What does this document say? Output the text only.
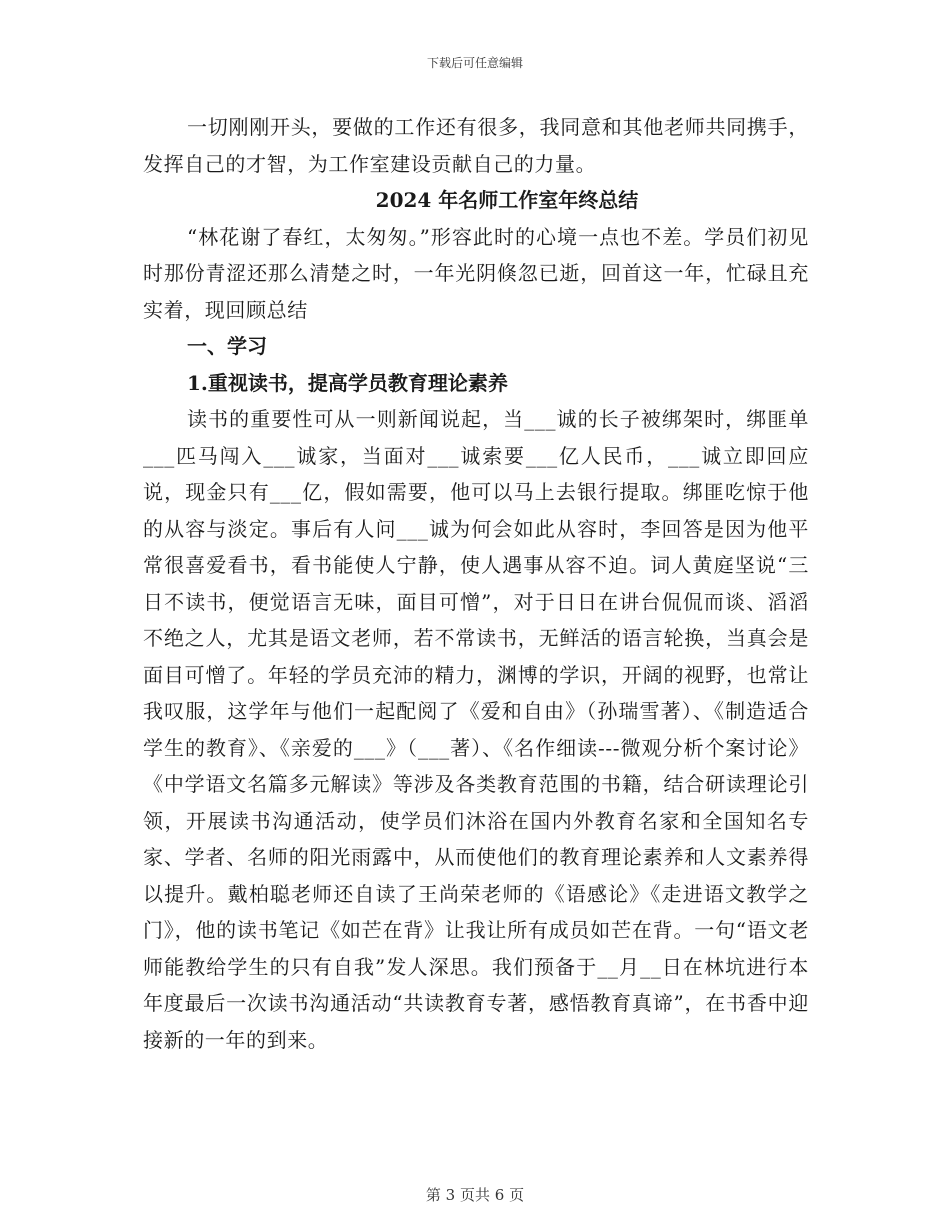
下载后可任意编辑

一切刚刚开头，要做的工作还有很多，我同意和其他老师共同携手，发挥自己的才智，为工作室建设贡献自己的力量。

2024 年名师工作室年终总结

“林花谢了春红，太匆匆。”形容此时的心境一点也不差。学员们初见时那份青涩还那么清楚之时，一年光阴倏忽已逝，回首这一年，忙碌且充实着，现回顾总结

一、学习

1.重视读书，提高学员教育理论素养

读书的重要性可从一则新闻说起，当___诚的长子被绑架时，绑匪单___匹马闯入___诚家，当面对___诚索要___亿人民币，___诚立即回应说，现金只有___亿，假如需要，他可以马上去银行提取。绑匪吃惊于他的从容与淡定。事后有人问___诚为何会如此从容时，李回答是因为他平常很喜爱看书，看书能使人宁静，使人遇事从容不迫。词人黄庭坚说“三日不读书，便觉语言无味，面目可憎”，对于日日在讲台侃侃而谈、滔滔不绝之人，尤其是语文老师，若不常读书，无鲜活的语言轮换，当真会是面目可憎了。年轻的学员充沛的精力，渊博的学识，开阔的视野，也常让我叹服，这学年与他们一起配阅了《爱和自由》（孙瑞雪著）、《制造适合学生的教育》、《亲爱的___》（___著）、《名作细读---微观分析个案讨论》《中学语文名篇多元解读》等涉及各类教育范围的书籍，结合研读理论引领，开展读书沟通活动，使学员们沐浴在国内外教育名家和全国知名专家、学者、名师的阳光雨露中，从而使他们的教育理论素养和人文素养得以提升。戴柏聪老师还自读了王尚荣老师的《语感论》《走进语文教学之门》，他的读书笔记《如芒在背》让我让所有成员如芒在背。一句“语文老师能教给学生的只有自我”发人深思。我们预备于__月__日在林坑进行本年度最后一次读书沟通活动“共读教育专著，感悟教育真谛”，在书香中迎接新的一年的到来。

第 3 页共 6 页
